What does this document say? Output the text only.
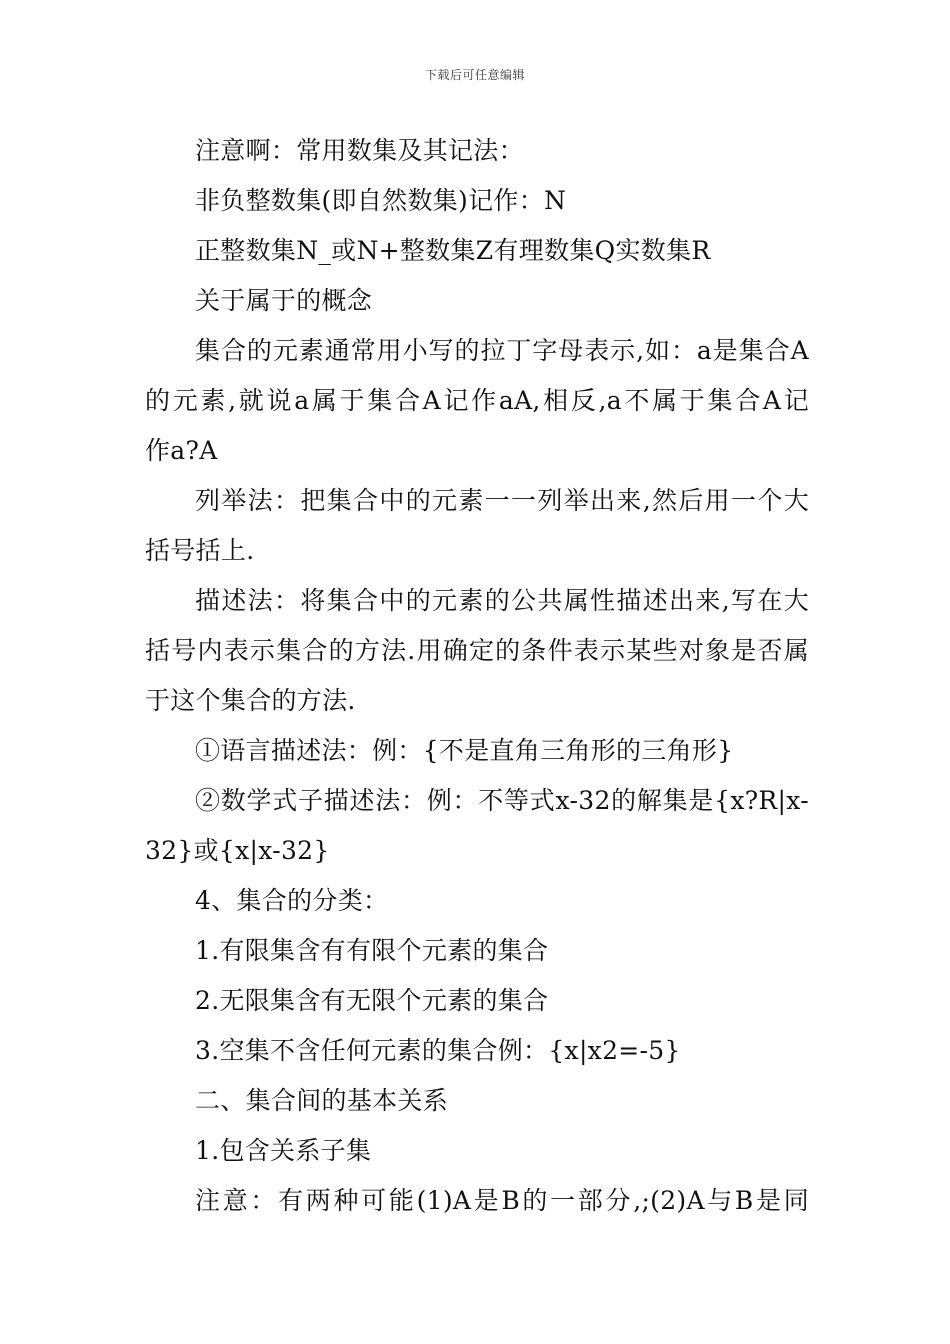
下载后可任意编辑
注意啊：常用数集及其记法：
非负整数集(即自然数集)记作：N
正整数集N_或N+整数集Z有理数集Q实数集R
关于属于的概念
集合的元素通常用小写的拉丁字母表示,如：a是集合A
的元素,就说a属于集合A记作aA,相反,a不属于集合A记
作a?A
列举法：把集合中的元素一一列举出来,然后用一个大
括号括上.
描述法：将集合中的元素的公共属性描述出来,写在大
括号内表示集合的方法.用确定的条件表示某些对象是否属
于这个集合的方法.
①语言描述法：例：{不是直角三角形的三角形}
②数学式子描述法：例：不等式x-32的解集是{x?R|x-
32}或{x|x-32}
4、集合的分类：
1.有限集含有有限个元素的集合
2.无限集含有无限个元素的集合
3.空集不含任何元素的集合例：{x|x2=-5}
二、集合间的基本关系
1.包含关系子集
注意：有两种可能(1)A是B的一部分,;(2)A与B是同
